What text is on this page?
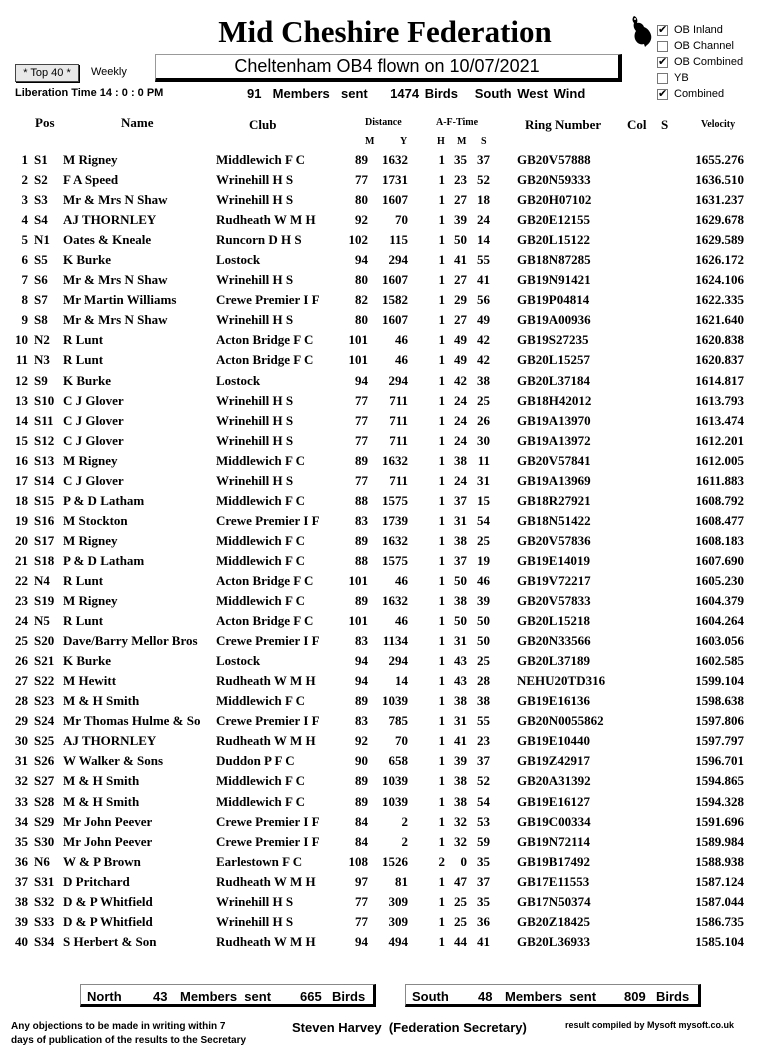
Mid Cheshire Federation
✔	OB Inland
OB Channel
✔
OB Combined
YB
✔
Combined
* Top 40 *	Weekly	Cheltenham OB4 flown on 10/07/2021
Liberation Time 14 : 0 : 0 PM	91  Members  sent    1474 Birds   South West Wind
Pos	Name	Club	Distance
M	Y
A-F-Time
H M S
Ring Number Col S	Velocity
1 S1 M Rigney	Middlewich F C	89 1632 1 35 37 GB20V57888	1655.276
2 S2 F A Speed	Wrinehill H S	77 1731 1 23 52 GB20N59333	1636.510
3 S3 Mr & Mrs N Shaw	Wrinehill H S	80 1607 1 27 18 GB20H07102	1631.237
4 S4 AJ THORNLEY	Rudheath W M H	92 70 1 39 24 GB20E12155	1629.678
5 N1 Oates & Kneale	Runcorn D H S	102 115 1 50 14 GB20L15122	1629.589
6 S5 K Burke	Lostock	94 294 1 41 55 GB18N87285	1626.172
7 S6 Mr & Mrs N Shaw	Wrinehill H S	80 1607 1 27 41 GB19N91421	1624.106
8 S7 Mr Martin Williams	Crewe Premier I F	82 1582 1 29 56 GB19P04814	1622.335
9 S8 Mr & Mrs N Shaw	Wrinehill H S	80 1607 1 27 49 GB19A00936	1621.640
10 N2 R Lunt	Acton Bridge F C	101 46 1 49 42 GB19S27235	1620.838
11 N3 R Lunt	Acton Bridge F C	101 46 1 49 42 GB20L15257	1620.837
12 S9 K Burke	Lostock	94 294 1 42 38 GB20L37184	1614.817
13 S10 C J Glover	Wrinehill H S	77 711 1 24 25 GB18H42012	1613.793
14 S11 C J Glover	Wrinehill H S	77 711 1 24 26 GB19A13970	1613.474
15 S12 C J Glover	Wrinehill H S	77 711 1 24 30 GB19A13972	1612.201
16 S13 M Rigney	Middlewich F C	89 1632 1 38 11 GB20V57841	1612.005
17 S14 C J Glover	Wrinehill H S	77 711 1 24 31 GB19A13969	1611.883
18 S15 P & D Latham	Middlewich F C	88 1575 1 37 15 GB18R27921	1608.792
19 S16 M Stockton	Crewe Premier I F	83 1739 1 31 54 GB18N51422	1608.477
20 S17 M Rigney	Middlewich F C	89 1632 1 38 25 GB20V57836	1608.183
21 S18 P & D Latham	Middlewich F C	88 1575 1 37 19 GB19E14019	1607.690
22 N4 R Lunt	Acton Bridge F C	101 46 1 50 46 GB19V72217	1605.230
23 S19 M Rigney	Middlewich F C	89 1632 1 38 39 GB20V57833	1604.379
24 N5 R Lunt	Acton Bridge F C	101 46 1 50 50 GB20L15218	1604.264
25 S20 Dave/Barry Mellor Bros	Crewe Premier I F	83 1134 1 31 50 GB20N33566	1603.056
26 S21 K Burke	Lostock	94 294 1 43 25 GB20L37189	1602.585
27 S22 M Hewitt	Rudheath W M H	94 14 1 43 28 NEHU20TD316	1599.104
28 S23 M & H Smith	Middlewich F C	89 1039 1 38 38 GB19E16136	1598.638
29 S24 Mr Thomas Hulme & So	Crewe Premier I F	83 785 1 31 55 GB20N0055862	1597.806
30 S25 AJ THORNLEY	Rudheath W M H	92 70 1 41 23 GB19E10440	1597.797
31 S26 W Walker & Sons	Duddon P F C	90 658 1 39 37 GB19Z42917	1596.701
32 S27 M & H Smith	Middlewich F C	89 1039 1 38 52 GB20A31392	1594.865
33 S28 M & H Smith	Middlewich F C	89 1039 1 38 54 GB19E16127	1594.328
34 S29 Mr John Peever	Crewe Premier I F	84	2 1 32 53 GB19C00334	1591.696
35 S30 Mr John Peever	Crewe Premier I F	84	2 1 32 59 GB19N72114	1589.984
36 N6 W & P Brown	Earlestown F C	108 1526 2 0 35 GB19B17492	1588.938
37 S31 D Pritchard	Rudheath W M H	97 81 1 47 37 GB17E11553	1587.124
38 S32 D & P Whitfield	Wrinehill H S	77 309 1 25 35 GB17N50374	1587.044
39 S33 D & P Whitfield	Wrinehill H S	77 309 1 25 36 GB20Z18425	1586.735
40 S34 S Herbert & Son	Rudheath W M H	94 494 1 44 41 GB20L36933	1585.104
North 43 Members  sent 665 Birds	South 48 Members  sent 809 Birds
Any objections to be made in writing within 7
days of publication of the results to the Secretary
Steven Harvey  (Federation Secretary)	result compiled by Mysoft mysoft.co.uk
